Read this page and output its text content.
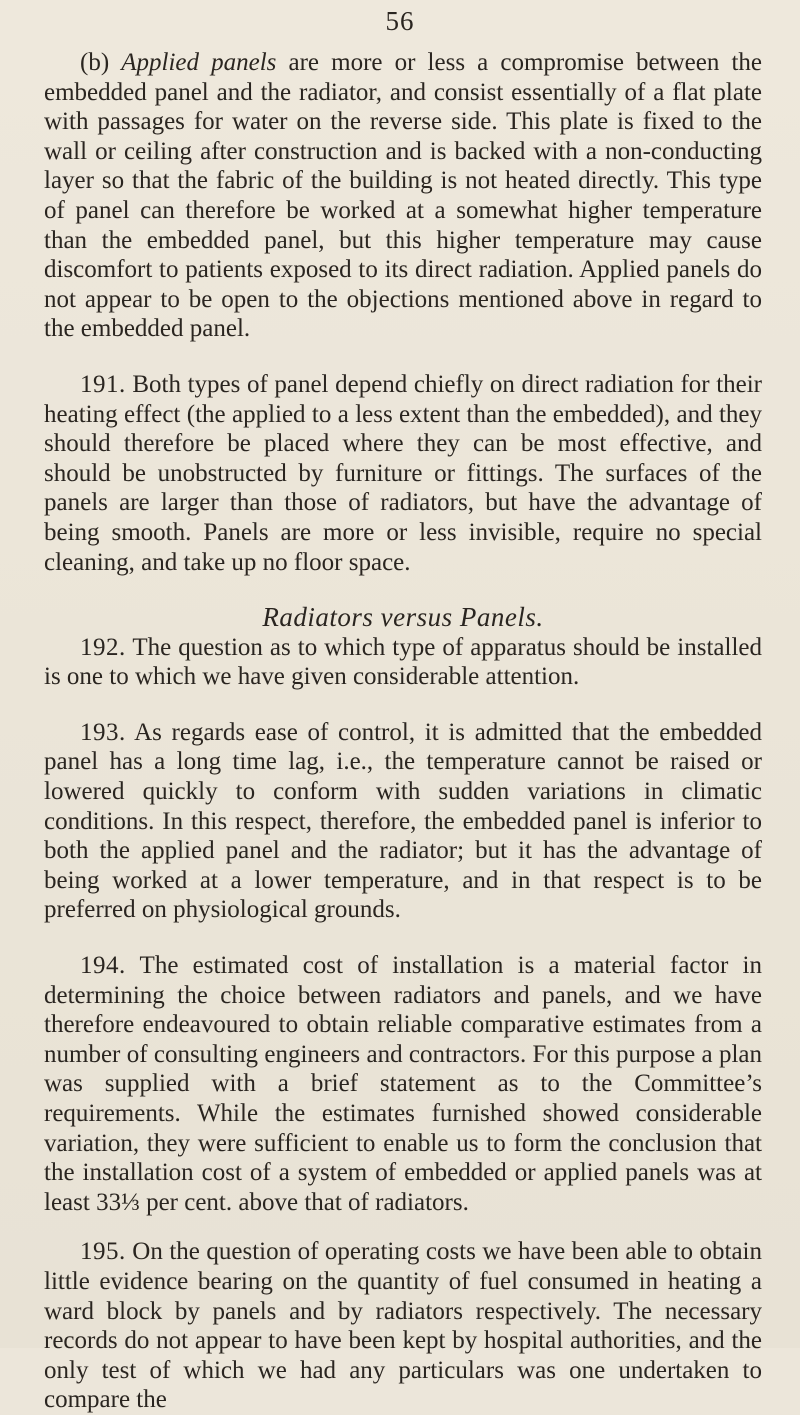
56

(b) Applied panels are more or less a compromise between the embedded panel and the radiator, and consist essentially of a flat plate with passages for water on the reverse side. This plate is fixed to the wall or ceiling after construction and is backed with a non-conducting layer so that the fabric of the building is not heated directly. This type of panel can therefore be worked at a somewhat higher temperature than the embedded panel, but this higher temperature may cause discomfort to patients exposed to its direct radiation. Applied panels do not appear to be open to the objections mentioned above in regard to the embedded panel.

191. Both types of panel depend chiefly on direct radiation for their heating effect (the applied to a less extent than the embedded), and they should therefore be placed where they can be most effective, and should be unobstructed by furniture or fittings. The surfaces of the panels are larger than those of radiators, but have the advantage of being smooth. Panels are more or less invisible, require no special cleaning, and take up no floor space.

Radiators versus Panels.

192. The question as to which type of apparatus should be installed is one to which we have given considerable attention.

193. As regards ease of control, it is admitted that the embedded panel has a long time lag, i.e., the temperature cannot be raised or lowered quickly to conform with sudden variations in climatic conditions. In this respect, therefore, the embedded panel is inferior to both the applied panel and the radiator; but it has the advantage of being worked at a lower temperature, and in that respect is to be preferred on physiological grounds.

194. The estimated cost of installation is a material factor in determining the choice between radiators and panels, and we have therefore endeavoured to obtain reliable comparative estimates from a number of consulting engineers and contractors. For this purpose a plan was supplied with a brief statement as to the Committee’s requirements. While the estimates furnished showed considerable variation, they were sufficient to enable us to form the conclusion that the installation cost of a system of embedded or applied panels was at least 33⅓ per cent. above that of radiators.

195. On the question of operating costs we have been able to obtain little evidence bearing on the quantity of fuel consumed in heating a ward block by panels and by radiators respectively. The necessary records do not appear to have been kept by hospital authorities, and the only test of which we had any particulars was one undertaken to compare the
